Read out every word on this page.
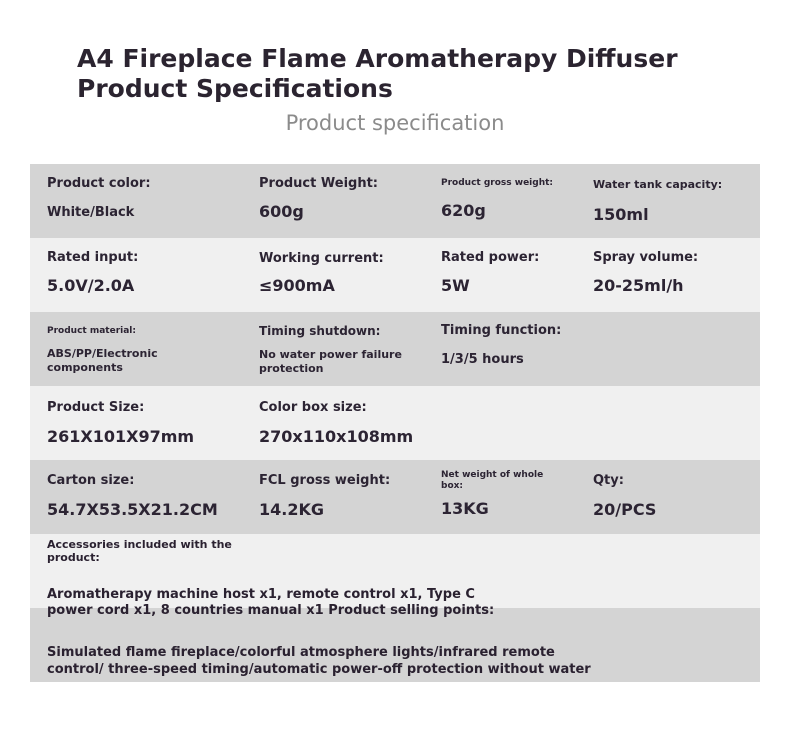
A4 Fireplace Flame Aromatherapy Diffuser Product Specifications
Product specification
Product color:
White/Black
Product Weight:
600g
Product gross weight:
620g
Water tank capacity:
150ml
Rated input:
5.0V/2.0A
Working current:
≤900mA
Rated power:
5W
Spray volume:
20-25ml/h
Product material:
ABS/PP/Electronic components
Timing shutdown:
No water power failure protection
Timing function:
1/3/5 hours
Product Size:
261X101X97mm
Color box size:
270x110x108mm
Carton size:
54.7X53.5X21.2CM
FCL gross weight:
14.2KG
Net weight of whole box:
13KG
Qty:
20/PCS
Accessories included with the product:
Aromatherapy machine host x1, remote control x1, Type C power cord x1, 8 countries manual x1 Product selling points:
Simulated flame fireplace/colorful atmosphere lights/infrared remote control/ three-speed timing/automatic power-off protection without water
